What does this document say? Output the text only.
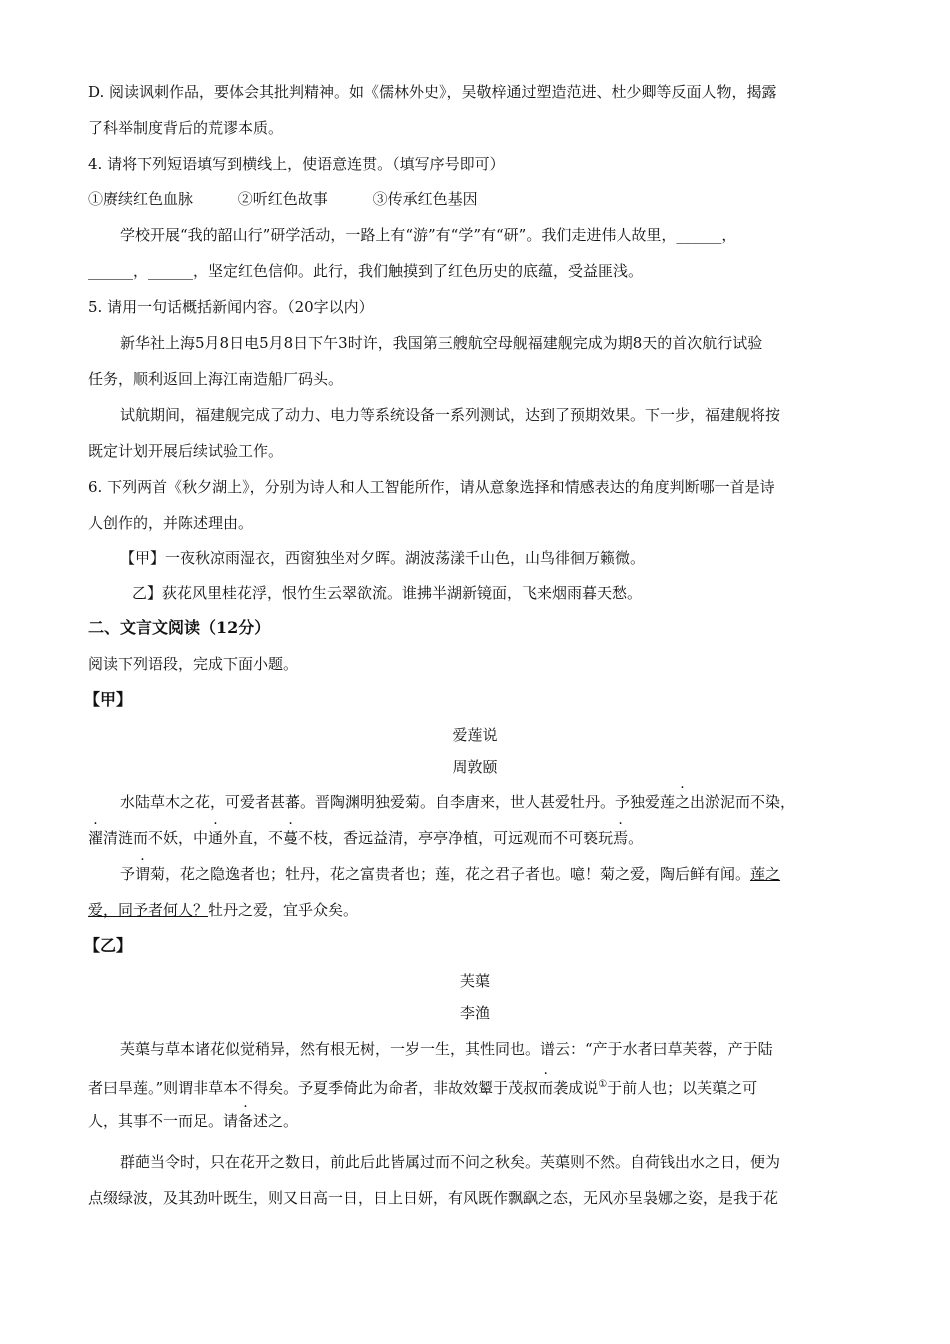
D. 阅读讽刺作品，要体会其批判精神。如《儒林外史》，吴敬梓通过塑造范进、杜少卿等反面人物，揭露
了科举制度背后的荒谬本质。
4. 请将下列短语填写到横线上，使语意连贯。（填写序号即可）
①赓续红色血脉	②听红色故事	③传承红色基因
学校开展“我的韶山行”研学活动，一路上有“游”有“学”有“研”。我们走进伟人故里，______，
______，______，坚定红色信仰。此行，我们触摸到了红色历史的底蕴，受益匪浅。
5. 请用一句话概括新闻内容。（20字以内）
新华社上海5月8日电5月8日下午3时许，我国第三艘航空母舰福建舰完成为期8天的首次航行试验
任务，顺利返回上海江南造船厂码头。
试航期间，福建舰完成了动力、电力等系统设备一系列测试，达到了预期效果。下一步，福建舰将按
既定计划开展后续试验工作。
6. 下列两首《秋夕湖上》，分别为诗人和人工智能所作，请从意象选择和情感表达的角度判断哪一首是诗
人创作的，并陈述理由。
【甲】一夜秋凉雨湿衣，西窗独坐对夕晖。湖波荡漾千山色，山鸟徘徊万籁微。
乙】荻花风里桂花浮，恨竹生云翠欲流。谁拂半湖新镜面，飞来烟雨暮天愁。
二、文言文阅读（12分）
阅读下列语段，完成下面小题。
【甲】
爱莲说
周敦颐
水陆草木之花，可爱者甚蕃。晋陶渊明独爱菊。自李唐来，世人甚爱牡丹。予独爱莲之出淤泥而不染，
濯清涟而不妖，中通外直，不蔓不枝，香远益清，亭亭净植，可远观而不可亵玩焉。
予谓菊，花之隐逸者也；牡丹，花之富贵者也；莲，花之君子者也。噫！菊之爱，陶后鲜有闻。莲之
爱，同予者何人？牡丹之爱，宜乎众矣。
【乙】
芙蕖
李渔
芙蕖与草本诸花似觉稍异，然有根无树，一岁一生，其性同也。谱云：“产于水者曰草芙蓉，产于陆
者曰旱莲。”则谓非草本不得矣。予夏季倚此为命者，非故效颦于茂叔而袭成说①于前人也；以芙蕖之可
人，其事不一而足。请备述之。
群葩当令时，只在花开之数日，前此后此皆属过而不问之秋矣。芙蕖则不然。自荷钱出水之日，便为
点缀绿波，及其劲叶既生，则又日高一日，日上日妍，有风既作飘飖之态，无风亦呈袅娜之姿，是我于花
